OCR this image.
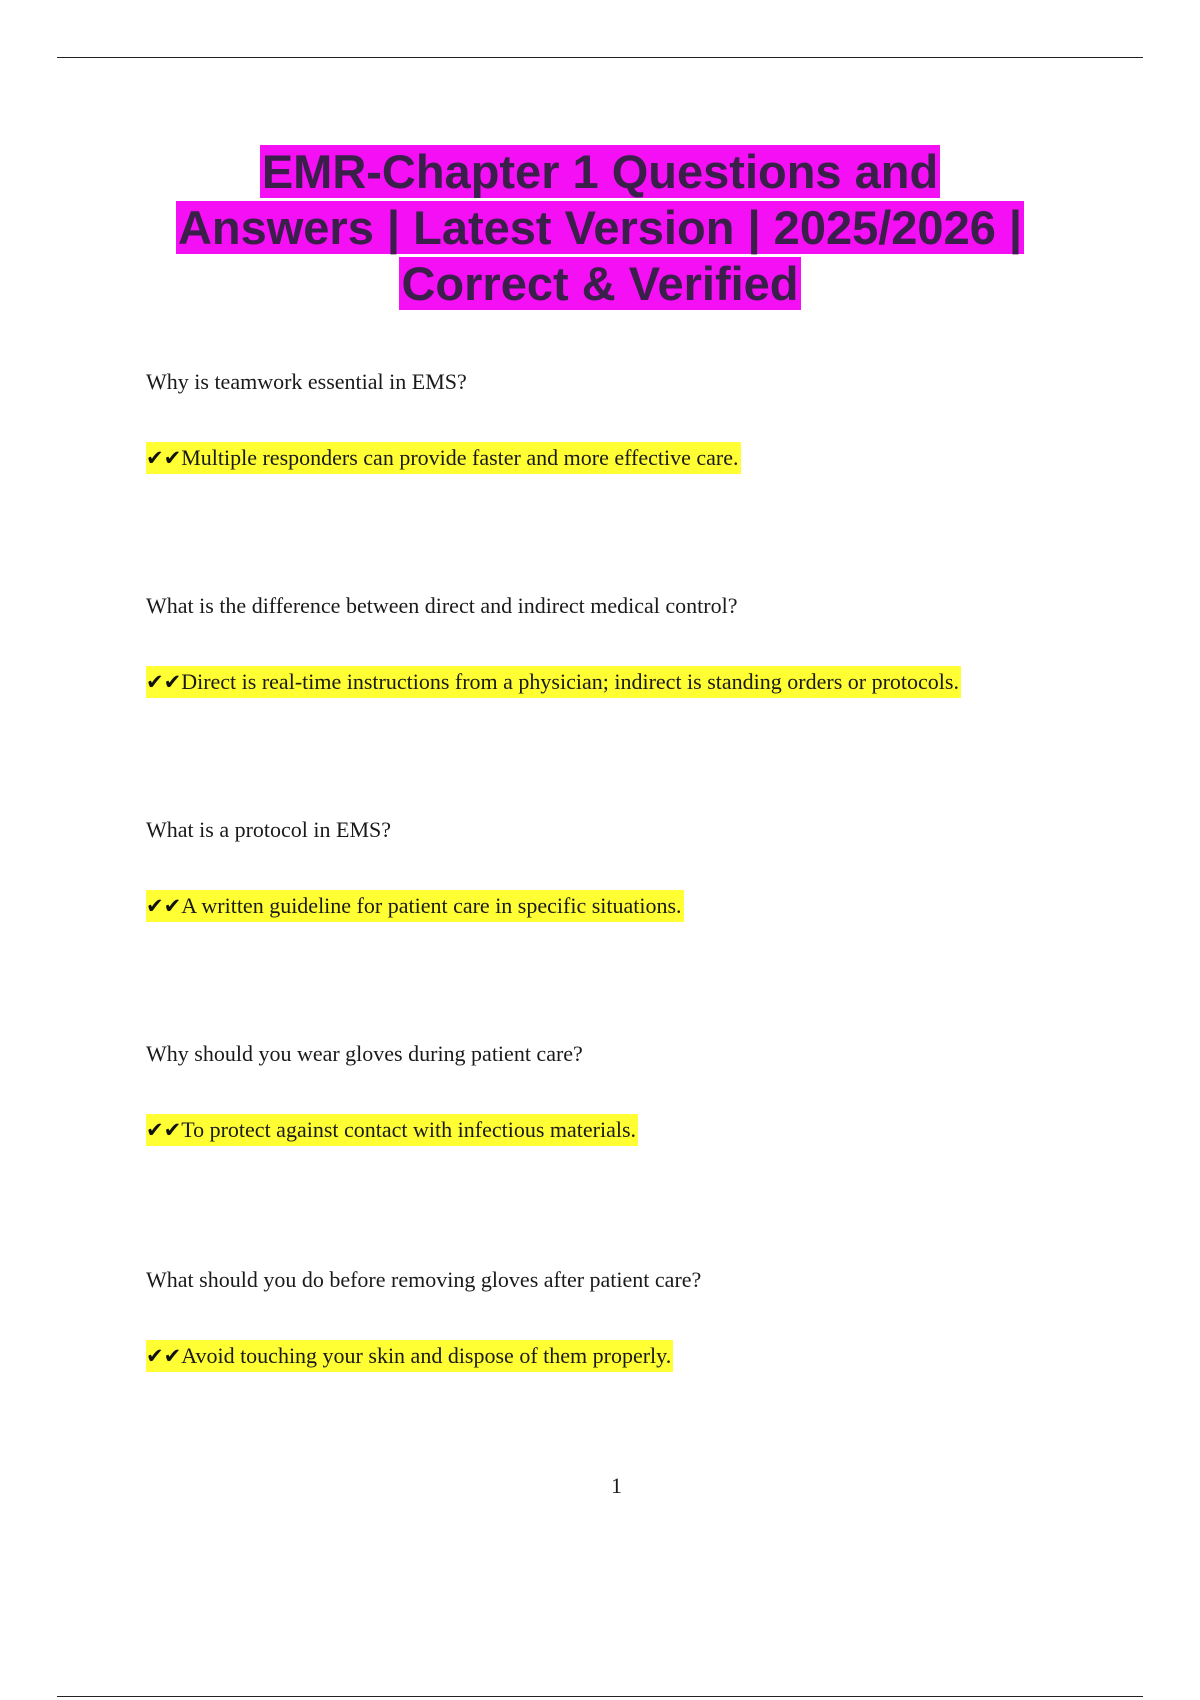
EMR-Chapter 1 Questions and
Answers | Latest Version | 2025/2026 |
Correct & Verified

Why is teamwork essential in EMS?

✔✔Multiple responders can provide faster and more effective care.

What is the difference between direct and indirect medical control?

✔✔Direct is real-time instructions from a physician; indirect is standing orders or protocols.

What is a protocol in EMS?

✔✔A written guideline for patient care in specific situations.

Why should you wear gloves during patient care?

✔✔To protect against contact with infectious materials.

What should you do before removing gloves after patient care?

✔✔Avoid touching your skin and dispose of them properly.
1
